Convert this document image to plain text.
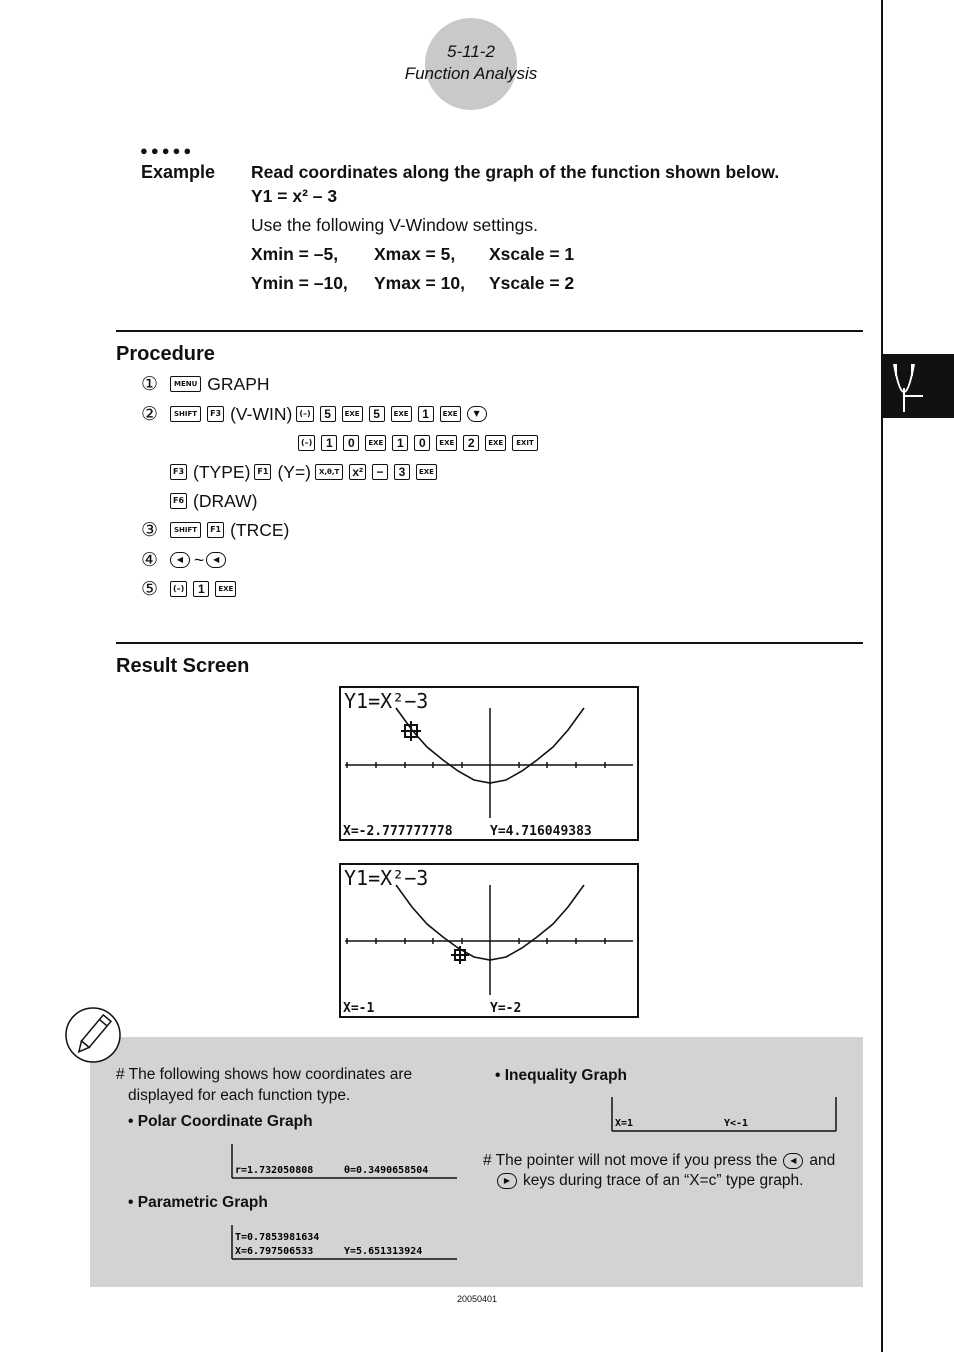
5-11-2
Function Analysis
●●●●●
Example Read coordinates along the graph of the function shown below.
Y1 = x² – 3
Use the following V-Window settings.
Xmin = –5, Xmax = 5, Xscale = 1
Ymin = –10, Ymax = 10, Yscale = 2
Procedure
①	MENU GRAPH
②	SHIFT	F3 (V-WIN) (–)	5	EXE	5	EXE	1	EXE	▼
(–)	1	0	EXE	1	0	EXE	2	EXE	EXIT
F3 (TYPE) F1 (Y=)	X,θ,T	x²	−	3	EXE
F6 (DRAW)
③	SHIFT	F1 (TRCE)
④	◀ ~	◀
⑤	(–)	1	EXE
Result Screen
Y1=X²−3
X=-2.777777778	Y=4.716049383
Y1=X²−3
X=-1	Y=-2
# The following shows how coordinates are
displayed for each function type.
• Polar Coordinate Graph
r=1.732050808	θ=0.3490658504
• Parametric Graph
T=0.7853981634
X=6.797506533	Y=5.651313924
• Inequality Graph
X=1	Y<-1
# The pointer will not move if you press the	◀ and
▶ keys during trace of an “X=c” type graph.
20050401
